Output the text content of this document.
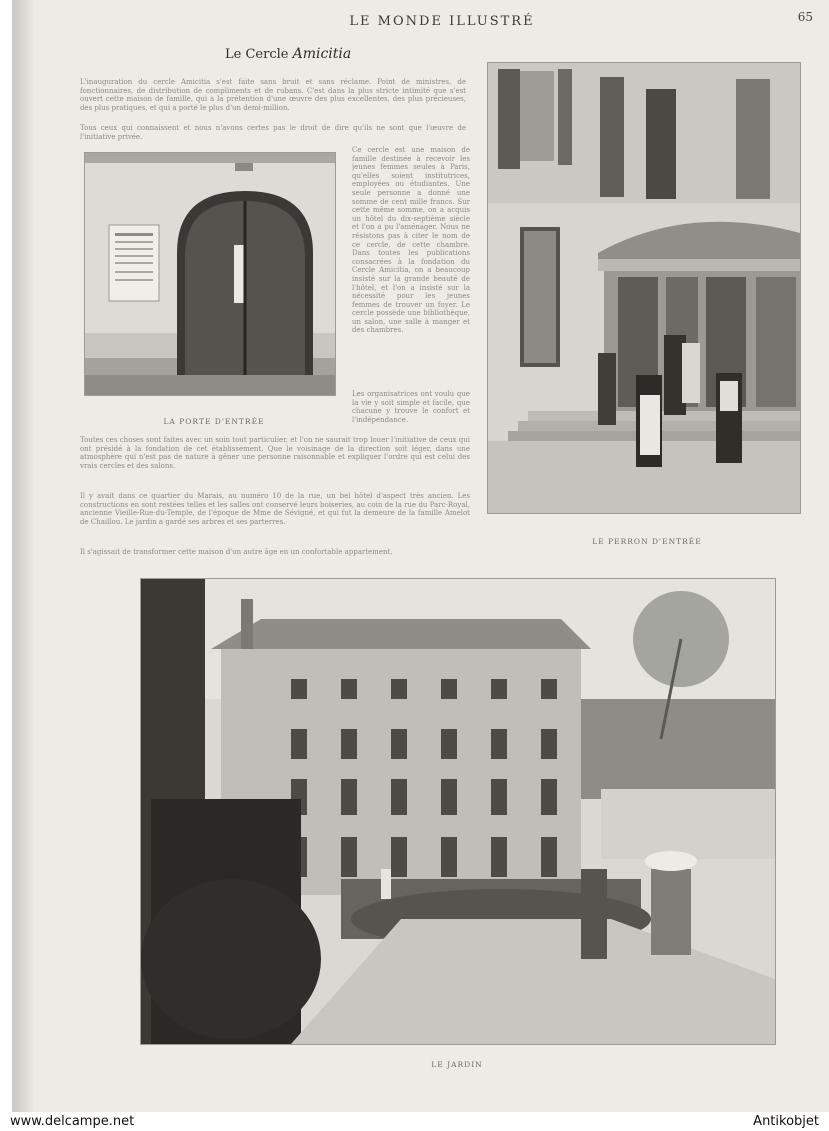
LE MONDE ILLUSTRÉ	65
Le Cercle Amicitia
L'inauguration du cercle Amicitia s'est faite sans bruit et sans réclame. Point de ministres, de fonctionnaires, de distribution de compliments et de rubans. C'est dans la plus stricte intimité que s'est ouvert cette maison de famille, qui a la prétention d'une œuvre des plus excellentes, des plus précieuses, des plus pratiques, et qui a porté le plus d'un demi-million.
Tous ceux qui connaissent et nous n'avons certes pas le droit de dire qu'ils ne sont que l'œuvre de l'initiative privée.
LA PORTE D'ENTRÉE
Ce cercle est une maison de famille destinée à recevoir les jeunes femmes seules à Paris, qu'elles soient institutrices, employées ou étudiantes. Une seule personne a donné une somme de cent mille francs. Sur cette même somme, on a acquis un hôtel du dix-septième siècle et l'on a pu l'aménager. Nous ne résistons pas à citer le nom de ce cercle, de cette chambre. Dans toutes les publications consacrées à la fondation du Cercle Amicitia, on a beaucoup insisté sur la grande beauté de l'hôtel, et l'on a insisté sur la nécessité pour les jeunes femmes de trouver un foyer. Le cercle possède une bibliothèque, un salon, une salle à manger et des chambres.
Les organisatrices ont voulu que la vie y soit simple et facile, que chacune y trouve le confort et l'indépendance.
Toutes ces choses sont faites avec un soin tout particulier, et l'on ne saurait trop louer l'initiative de ceux qui ont présidé à la fondation de cet établissement. Que le voisinage de la direction soit léger, dans une atmosphère qui n'est pas de nature à gêner une personne raisonnable et expliquer l'ordre qui est celui des vrais cercles et des salons.
Il y avait dans ce quartier du Marais, au numéro 10 de la rue, un bel hôtel d'aspect très ancien. Les constructions en sont restées telles et les salles ont conservé leurs boiseries, au coin de la rue du Parc-Royal, ancienne Vieille-Rue-du-Temple, de l'époque de Mme de Sévigné, et qui fut la demeure de la famille Amelot de Chaillou. Le jardin a gardé ses arbres et ses parterres.
Il s'agissait de transformer cette maison d'un autre âge en un confortable appartement.
LE PERRON D'ENTRÉE
LE JARDIN
www.delcampe.net	Antikobjet
